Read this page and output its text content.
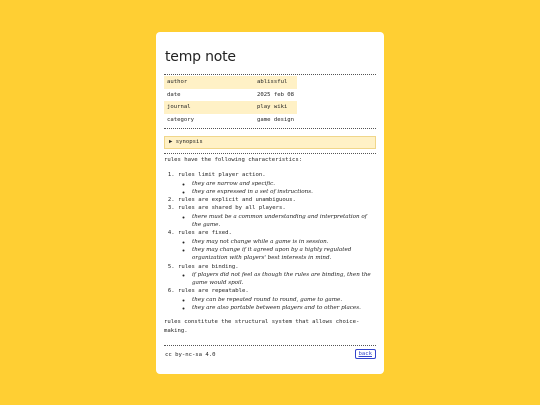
temp note
author	ablissful
date	2025 feb 08
journal	play wiki
category	game design
▶ synopsis

rules have the following characteristics:

1. rules limit player action.
◦ they are narrow and specific.
◦ they are expressed in a set of instructions.
2. rules are explicit and unambiguous.
3. rules are shared by all players.
◦ there must be a common understanding and interpretation of the game.
4. rules are fixed.
◦ they may not change while a game is in session.
◦ they may change if it agreed upon by a highly regulated organization with players' best interests in mind.
5. rules are binding.
◦ if players did not feel as though the rules are binding, then the game would spoil.
6. rules are repeatable.
◦ they can be repeated round to round, game to game.
◦ they are also portable between players and to other places.

rules constitute the structural system that allows choice-making.

cc by-nc-sa 4.0	back
